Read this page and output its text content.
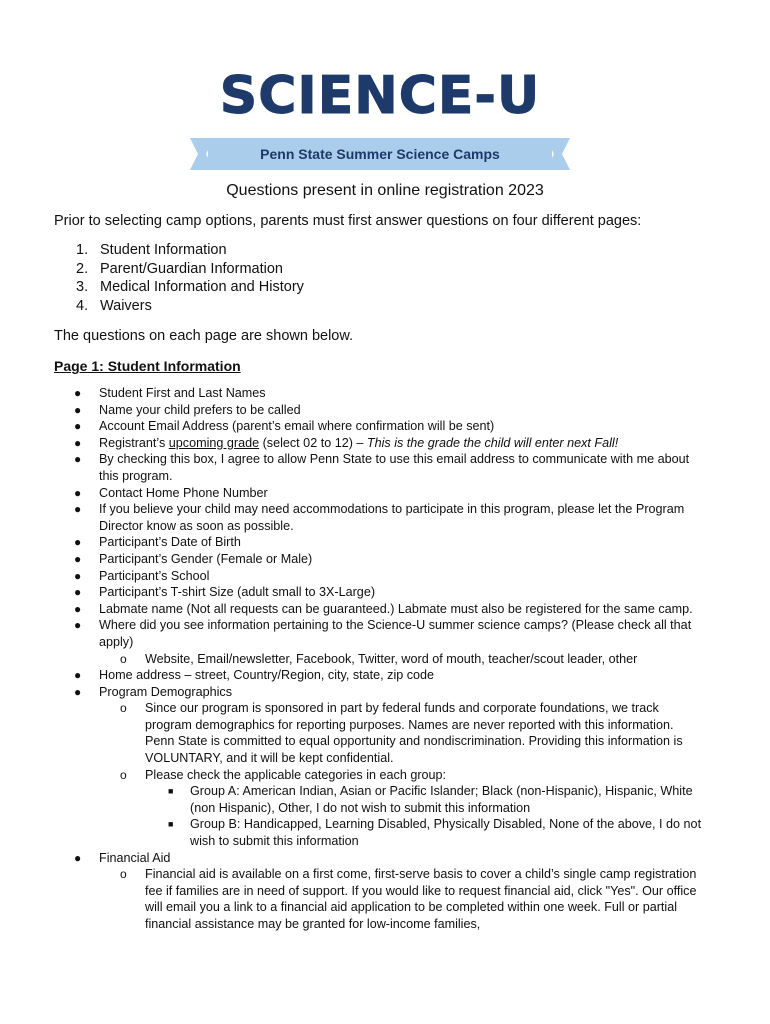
SCIENCE-U
Penn State Summer Science Camps
Questions present in online registration 2023
Prior to selecting camp options, parents must first answer questions on four different pages:
1. Student Information
2. Parent/Guardian Information
3. Medical Information and History
4. Waivers
The questions on each page are shown below.
Page 1: Student Information
● Student First and Last Names
● Name your child prefers to be called
● Account Email Address (parent’s email where confirmation will be sent)
● Registrant’s upcoming grade (select 02 to 12) – This is the grade the child will enter next Fall!
● By checking this box, I agree to allow Penn State to use this email address to communicate with me about this program.
● Contact Home Phone Number
● If you believe your child may need accommodations to participate in this program, please let the Program Director know as soon as possible.
● Participant’s Date of Birth
● Participant’s Gender (Female or Male)
● Participant’s School
● Participant’s T-shirt Size (adult small to 3X-Large)
● Labmate name (Not all requests can be guaranteed.) Labmate must also be registered for the same camp.
● Where did you see information pertaining to the Science-U summer science camps? (Please check all that apply)
o Website, Email/newsletter, Facebook, Twitter, word of mouth, teacher/scout leader, other
● Home address – street, Country/Region, city, state, zip code
● Program Demographics
o Since our program is sponsored in part by federal funds and corporate foundations, we track program demographics for reporting purposes. Names are never reported with this information. Penn State is committed to equal opportunity and nondiscrimination. Providing this information is VOLUNTARY, and it will be kept confidential.
o Please check the applicable categories in each group:
■ Group A: American Indian, Asian or Pacific Islander; Black (non-Hispanic), Hispanic, White (non Hispanic), Other, I do not wish to submit this information
■ Group B: Handicapped, Learning Disabled, Physically Disabled, None of the above, I do not wish to submit this information
● Financial Aid
o Financial aid is available on a first come, first-serve basis to cover a child’s single camp registration fee if families are in need of support. If you would like to request financial aid, click "Yes". Our office will email you a link to a financial aid application to be completed within one week. Full or partial financial assistance may be granted for low-income families,
